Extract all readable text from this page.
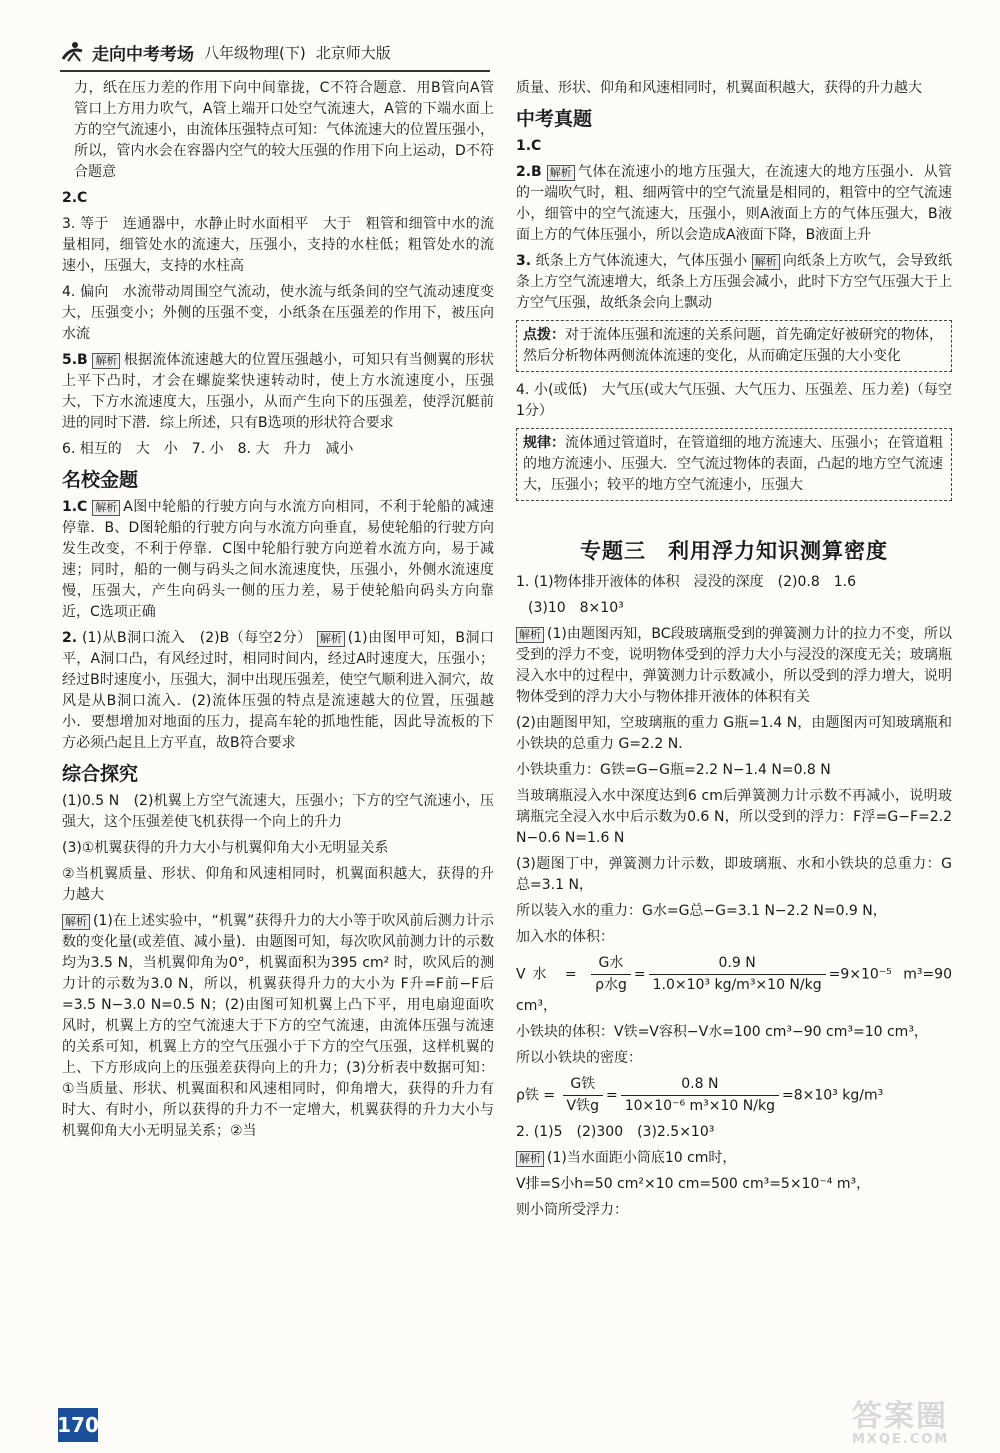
走向中考考场 八年级物理(下) 北京师大版

力，纸在压力差的作用下向中间靠拢，C不符合题意．用B管向A管管口上方用力吹气，A管上端开口处空气流速大，A管的下端水面上方的空气流速小，由流体压强特点可知：气体流速大的位置压强小，所以，管内水会在容器内空气的较大压强的作用下向上运动，D不符合题意

2.C

3. 等于　连通器中，水静止时水面相平　大于　粗管和细管中水的流量相同，细管处水的流速大，压强小，支持的水柱低；粗管处水的流速小，压强大，支持的水柱高

4. 偏向　水流带动周围空气流动，使水流与纸条间的空气流动速度变大，压强变小；外侧的压强不变，小纸条在压强差的作用下，被压向水流

5.B 解析 根据流体流速越大的位置压强越小，可知只有当侧翼的形状上平下凸时，才会在螺旋桨快速转动时，使上方水流速度小，压强大，下方水流速度大，压强小，从而产生向下的压强差，使浮沉艇前进的同时下潜．综上所述，只有B选项的形状符合要求

6. 相互的　大　小　7. 小　8. 大　升力　减小

名校金题

1.C 解析 A图中轮船的行驶方向与水流方向相同，不利于轮船的减速停靠．B、D图轮船的行驶方向与水流方向垂直，易使轮船的行驶方向发生改变，不利于停靠．C图中轮船行驶方向逆着水流方向，易于减速；同时，船的一侧与码头之间水流速度快，压强小，外侧水流速度慢，压强大，产生向码头一侧的压力差，易于使轮船向码头方向靠近，C选项正确

2. (1)从B洞口流入　(2)B（每空2分） 解析 (1)由图甲可知，B洞口平，A洞口凸，有风经过时，相同时间内，经过A时速度大，压强小；经过B时速度小，压强大，洞中出现压强差，使空气顺利进入洞穴，故风是从B洞口流入．(2)流体压强的特点是流速越大的位置，压强越小．要想增加对地面的压力，提高车轮的抓地性能，因此导流板的下方必须凸起且上方平直，故B符合要求

综合探究

(1)0.5 N　(2)机翼上方空气流速大，压强小；下方的空气流速小，压强大，这个压强差使飞机获得一个向上的升力

(3)①机翼获得的升力大小与机翼仰角大小无明显关系

②当机翼质量、形状、仰角和风速相同时，机翼面积越大，获得的升力越大

解析 (1)在上述实验中，“机翼”获得升力的大小等于吹风前后测力计示数的变化量(或差值、减小量)．由题图可知，每次吹风前测力计的示数均为3.5 N，当机翼仰角为0°，机翼面积为395 cm² 时，吹风后的测力计的示数为3.0 N，所以，机翼获得升力的大小为 F升=F前−F后=3.5 N−3.0 N=0.5 N；(2)由图可知机翼上凸下平，用电扇迎面吹风时，机翼上方的空气流速大于下方的空气流速，由流体压强与流速的关系可知，机翼上方的空气压强小于下方的空气压强，这样机翼的上、下方形成向上的压强差获得向上的升力；(3)分析表中数据可知：①当质量、形状、机翼面积和风速相同时，仰角增大，获得的升力有时大、有时小，所以获得的升力不一定增大，机翼获得的升力大小与机翼仰角大小无明显关系；②当

质量、形状、仰角和风速相同时，机翼面积越大，获得的升力越大

中考真题

1.C

2.B 解析 气体在流速小的地方压强大，在流速大的地方压强小．从管的一端吹气时，粗、细两管中的空气流量是相同的，粗管中的空气流速小，细管中的空气流速大，压强小，则A液面上方的气体压强大，B液面上方的气体压强小，所以会造成A液面下降，B液面上升

3. 纸条上方气体流速大，气体压强小 解析 向纸条上方吹气，会导致纸条上方空气流速增大，纸条上方压强会减小，此时下方空气压强大于上方空气压强，故纸条会向上飘动

点拨：对于流体压强和流速的关系问题，首先确定好被研究的物体，然后分析物体两侧流体流速的变化，从而确定压强的大小变化

4. 小(或低)　大气压(或大气压强、大气压力、压强差、压力差)（每空1分）

规律：流体通过管道时，在管道细的地方流速大、压强小；在管道粗的地方流速小、压强大．空气流过物体的表面，凸起的地方空气流速大，压强小；较平的地方空气流速小，压强大
专题三　利用浮力知识测算密度

1. (1)物体排开液体的体积　浸没的深度　(2)0.8　1.6

(3)10　8×10³

解析 (1)由题图丙知，BC段玻璃瓶受到的弹簧测力计的拉力不变，所以受到的浮力不变，说明物体受到的浮力大小与浸没的深度无关；玻璃瓶浸入水中的过程中，弹簧测力计示数减小，所以受到的浮力增大，说明物体受到的浮力大小与物体排开液体的体积有关

(2)由题图甲知，空玻璃瓶的重力 G瓶=1.4 N，由题图丙可知玻璃瓶和小铁块的总重力 G=2.2 N．

小铁块重力：G铁=G−G瓶=2.2 N−1.4 N=0.8 N

当玻璃瓶浸入水中深度达到6 cm后弹簧测力计示数不再减小，说明玻璃瓶完全浸入水中后示数为0.6 N，所以受到的浮力：F浮=G−F=2.2 N−0.6 N=1.6 N

(3)题图丁中，弹簧测力计示数，即玻璃瓶、水和小铁块的总重力：G总=3.1 N，

所以装入水的重力：G水=G总−G=3.1 N−2.2 N=0.9 N，

加入水的体积：

V水 = $\frac{\text{G水}}{\text{ρ水g}} = \frac{0.9 N}{\text{1.0×10³ kg/m³×10 N/kg}} =9\times 10^{-5}$ m³=90 cm³，

小铁块的体积：V铁=V容积−V水=100 cm³−90 cm³=10 cm³，

所以小铁块的密度：

ρ铁 = $\frac{\text{G铁}}{\text{V铁g}} = \frac{0.8 N}{\text{10×10⁻⁶ m³×10 N/kg}} =8\times 10^3$ kg/m³

2. (1)5　(2)300　(3)2.5×10³

解析 (1)当水面距小筒底10 cm时，

V排=S小h=50 cm²×10 cm=500 cm³=5×10⁻⁴ m³，

则小筒所受浮力：

170	答案圈
MXQE.COM
